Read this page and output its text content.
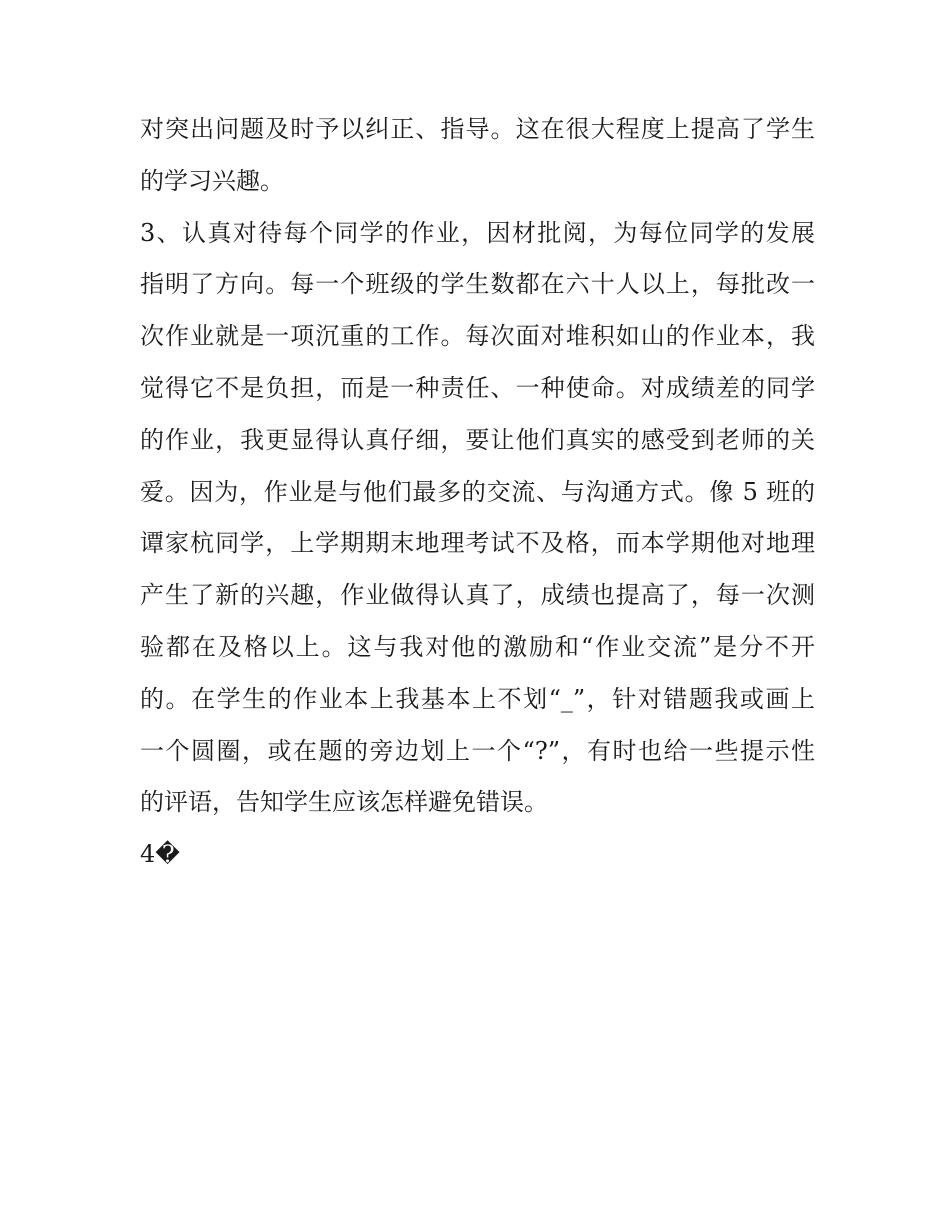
对突出问题及时予以纠正、指导。这在很大程度上提高了学生
的学习兴趣。
3、认真对待每个同学的作业，因材批阅，为每位同学的发展
指明了方向。每一个班级的学生数都在六十人以上，每批改一
次作业就是一项沉重的工作。每次面对堆积如山的作业本，我
觉得它不是负担，而是一种责任、一种使命。对成绩差的同学
的作业，我更显得认真仔细，要让他们真实的感受到老师的关
爱。因为，作业是与他们最多的交流、与沟通方式。像 5 班的
谭家杭同学，上学期期末地理考试不及格，而本学期他对地理
产生了新的兴趣，作业做得认真了，成绩也提高了，每一次测
验都在及格以上。这与我对他的激励和“作业交流”是分不开
的。在学生的作业本上我基本上不划“_”，针对错题我或画上
一个圆圈，或在题的旁边划上一个“?”，有时也给一些提示性
的评语，告知学生应该怎样避免错误。
4�
